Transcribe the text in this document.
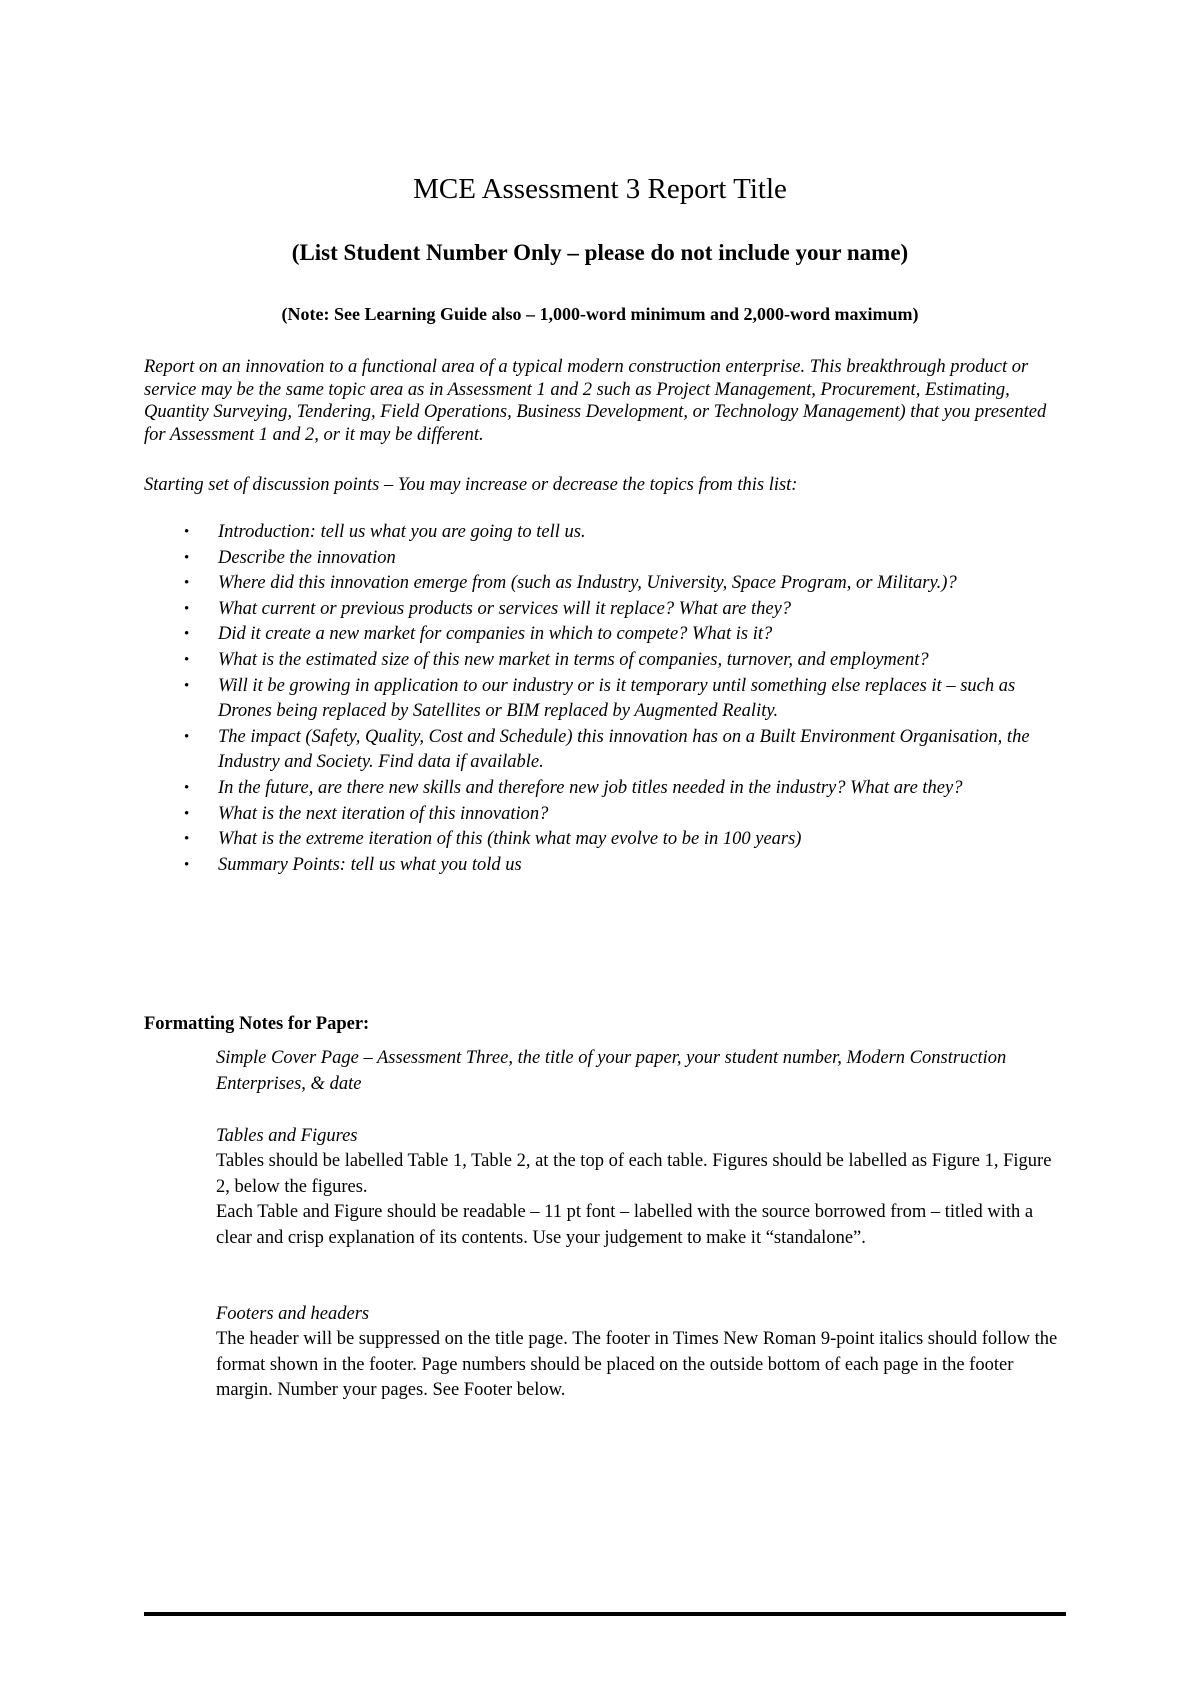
MCE Assessment 3 Report Title
(List Student Number Only – please do not include your name)
(Note: See Learning Guide also – 1,000-word minimum and 2,000-word maximum)

Report on an innovation to a functional area of a typical modern construction enterprise. This breakthrough product or service may be the same topic area as in Assessment 1 and 2 such as Project Management, Procurement, Estimating, Quantity Surveying, Tendering, Field Operations, Business Development, or Technology Management) that you presented for Assessment 1 and 2, or it may be different.

Starting set of discussion points – You may increase or decrease the topics from this list:

• Introduction: tell us what you are going to tell us.
• Describe the innovation
• Where did this innovation emerge from (such as Industry, University, Space Program, or Military.)?
• What current or previous products or services will it replace? What are they?
• Did it create a new market for companies in which to compete? What is it?
• What is the estimated size of this new market in terms of companies, turnover, and employment?
• Will it be growing in application to our industry or is it temporary until something else replaces it – such as Drones being replaced by Satellites or BIM replaced by Augmented Reality.
• The impact (Safety, Quality, Cost and Schedule) this innovation has on a Built Environment Organisation, the Industry and Society. Find data if available.
• In the future, are there new skills and therefore new job titles needed in the industry? What are they?
• What is the next iteration of this innovation?
• What is the extreme iteration of this (think what may evolve to be in 100 years)
• Summary Points: tell us what you told us
Formatting Notes for Paper:

Simple Cover Page – Assessment Three, the title of your paper, your student number, Modern Construction Enterprises, & date

Tables and Figures

Tables should be labelled Table 1, Table 2, at the top of each table. Figures should be labelled as Figure 1, Figure 2, below the figures.

Each Table and Figure should be readable – 11 pt font – labelled with the source borrowed from – titled with a clear and crisp explanation of its contents. Use your judgement to make it “standalone”.

Footers and headers

The header will be suppressed on the title page. The footer in Times New Roman 9-point italics should follow the format shown in the footer. Page numbers should be placed on the outside bottom of each page in the footer margin. Number your pages. See Footer below.
